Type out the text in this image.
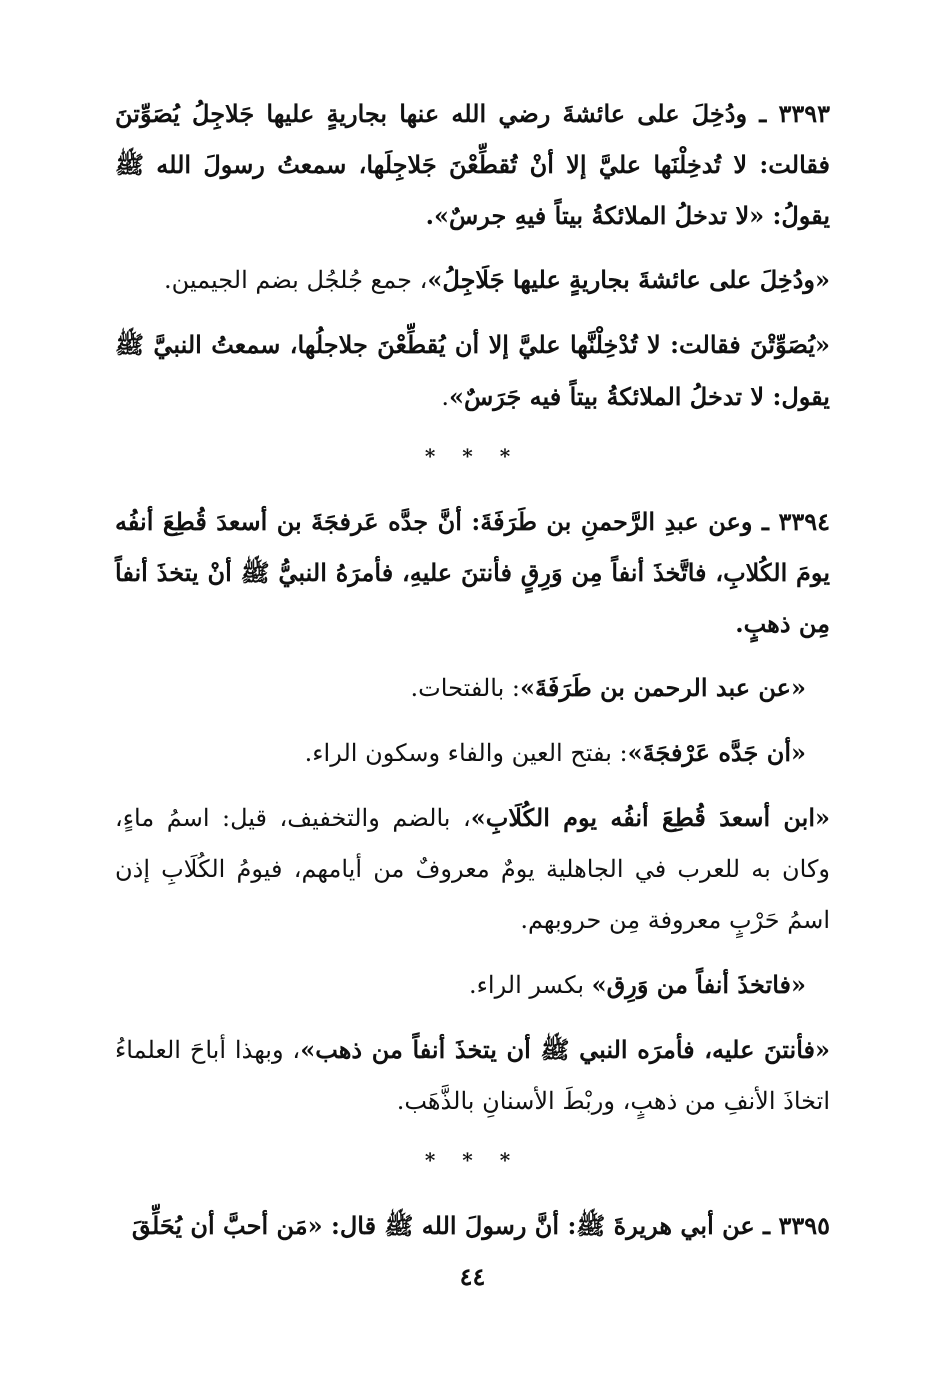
٣٣٩٣ ـ ودُخِلَ على عائشةَ رضي الله عنها بجاريةٍ عليها جَلاجِلُ يُصَوِّتنَ فقالت: لا تُدخِلْنَها عليَّ إلا أنْ تُقطِّعْنَ جَلاجِلَها، سمعتُ رسولَ الله ﷺ يقولُ: «لا تدخلُ الملائكةُ بيتاً فيهِ جرسٌ».

«ودُخِلَ على عائشةَ بجاريةٍ عليها جَلَاجِلُ»، جمع جُلجُل بضم الجيمين.

«يُصَوِّتْنَ فقالت: لا تُدْخِلْنَّها عليَّ إلا أن يُقطِّعْنَ جلاجلُها، سمعتُ النبيَّ ﷺ يقول: لا تدخلُ الملائكةُ بيتاً فيه جَرَسٌ».

* * *

٣٣٩٤ ـ وعن عبدِ الرَّحمنِ بن طَرَفَةَ: أنَّ جدَّه عَرفجَةَ بن أسعدَ قُطِعَ أنفُه يومَ الكُلابِ، فاتَّخذَ أنفاً مِن وَرِقٍ فأنتنَ عليهِ، فأمرَهُ النبيُّ ﷺ أنْ يتخذَ أنفاً مِن ذهبٍ.

«عن عبد الرحمن بن طَرَفَةَ»: بالفتحات.

«أن جَدَّه عَرْفجَةَ»: بفتح العين والفاء وسكون الراء.

«ابن أسعدَ قُطِعَ أنفُه يوم الكُلَابِ»، بالضم والتخفيف، قيل: اسمُ ماءٍ، وكان به للعرب في الجاهلية يومٌ معروفٌ من أيامهم، فيومُ الكُلَابِ إذن اسمُ حَرْبٍ معروفة مِن حروبهم.

«فاتخذَ أنفاً من وَرِق» بكسر الراء.

«فأنتنَ عليه، فأمرَه النبي ﷺ أن يتخذَ أنفاً من ذهب»، وبهذا أباحَ العلماءُ اتخاذَ الأنفِ من ذهبٍ، وربْطَ الأسنانِ بالذَّهَب.

* * *

٣٣٩٥ ـ عن أبي هريرةَ ﷺ: أنَّ رسولَ الله ﷺ قال: «مَن أحبَّ أن يُحَلِّقَ

٤٤
